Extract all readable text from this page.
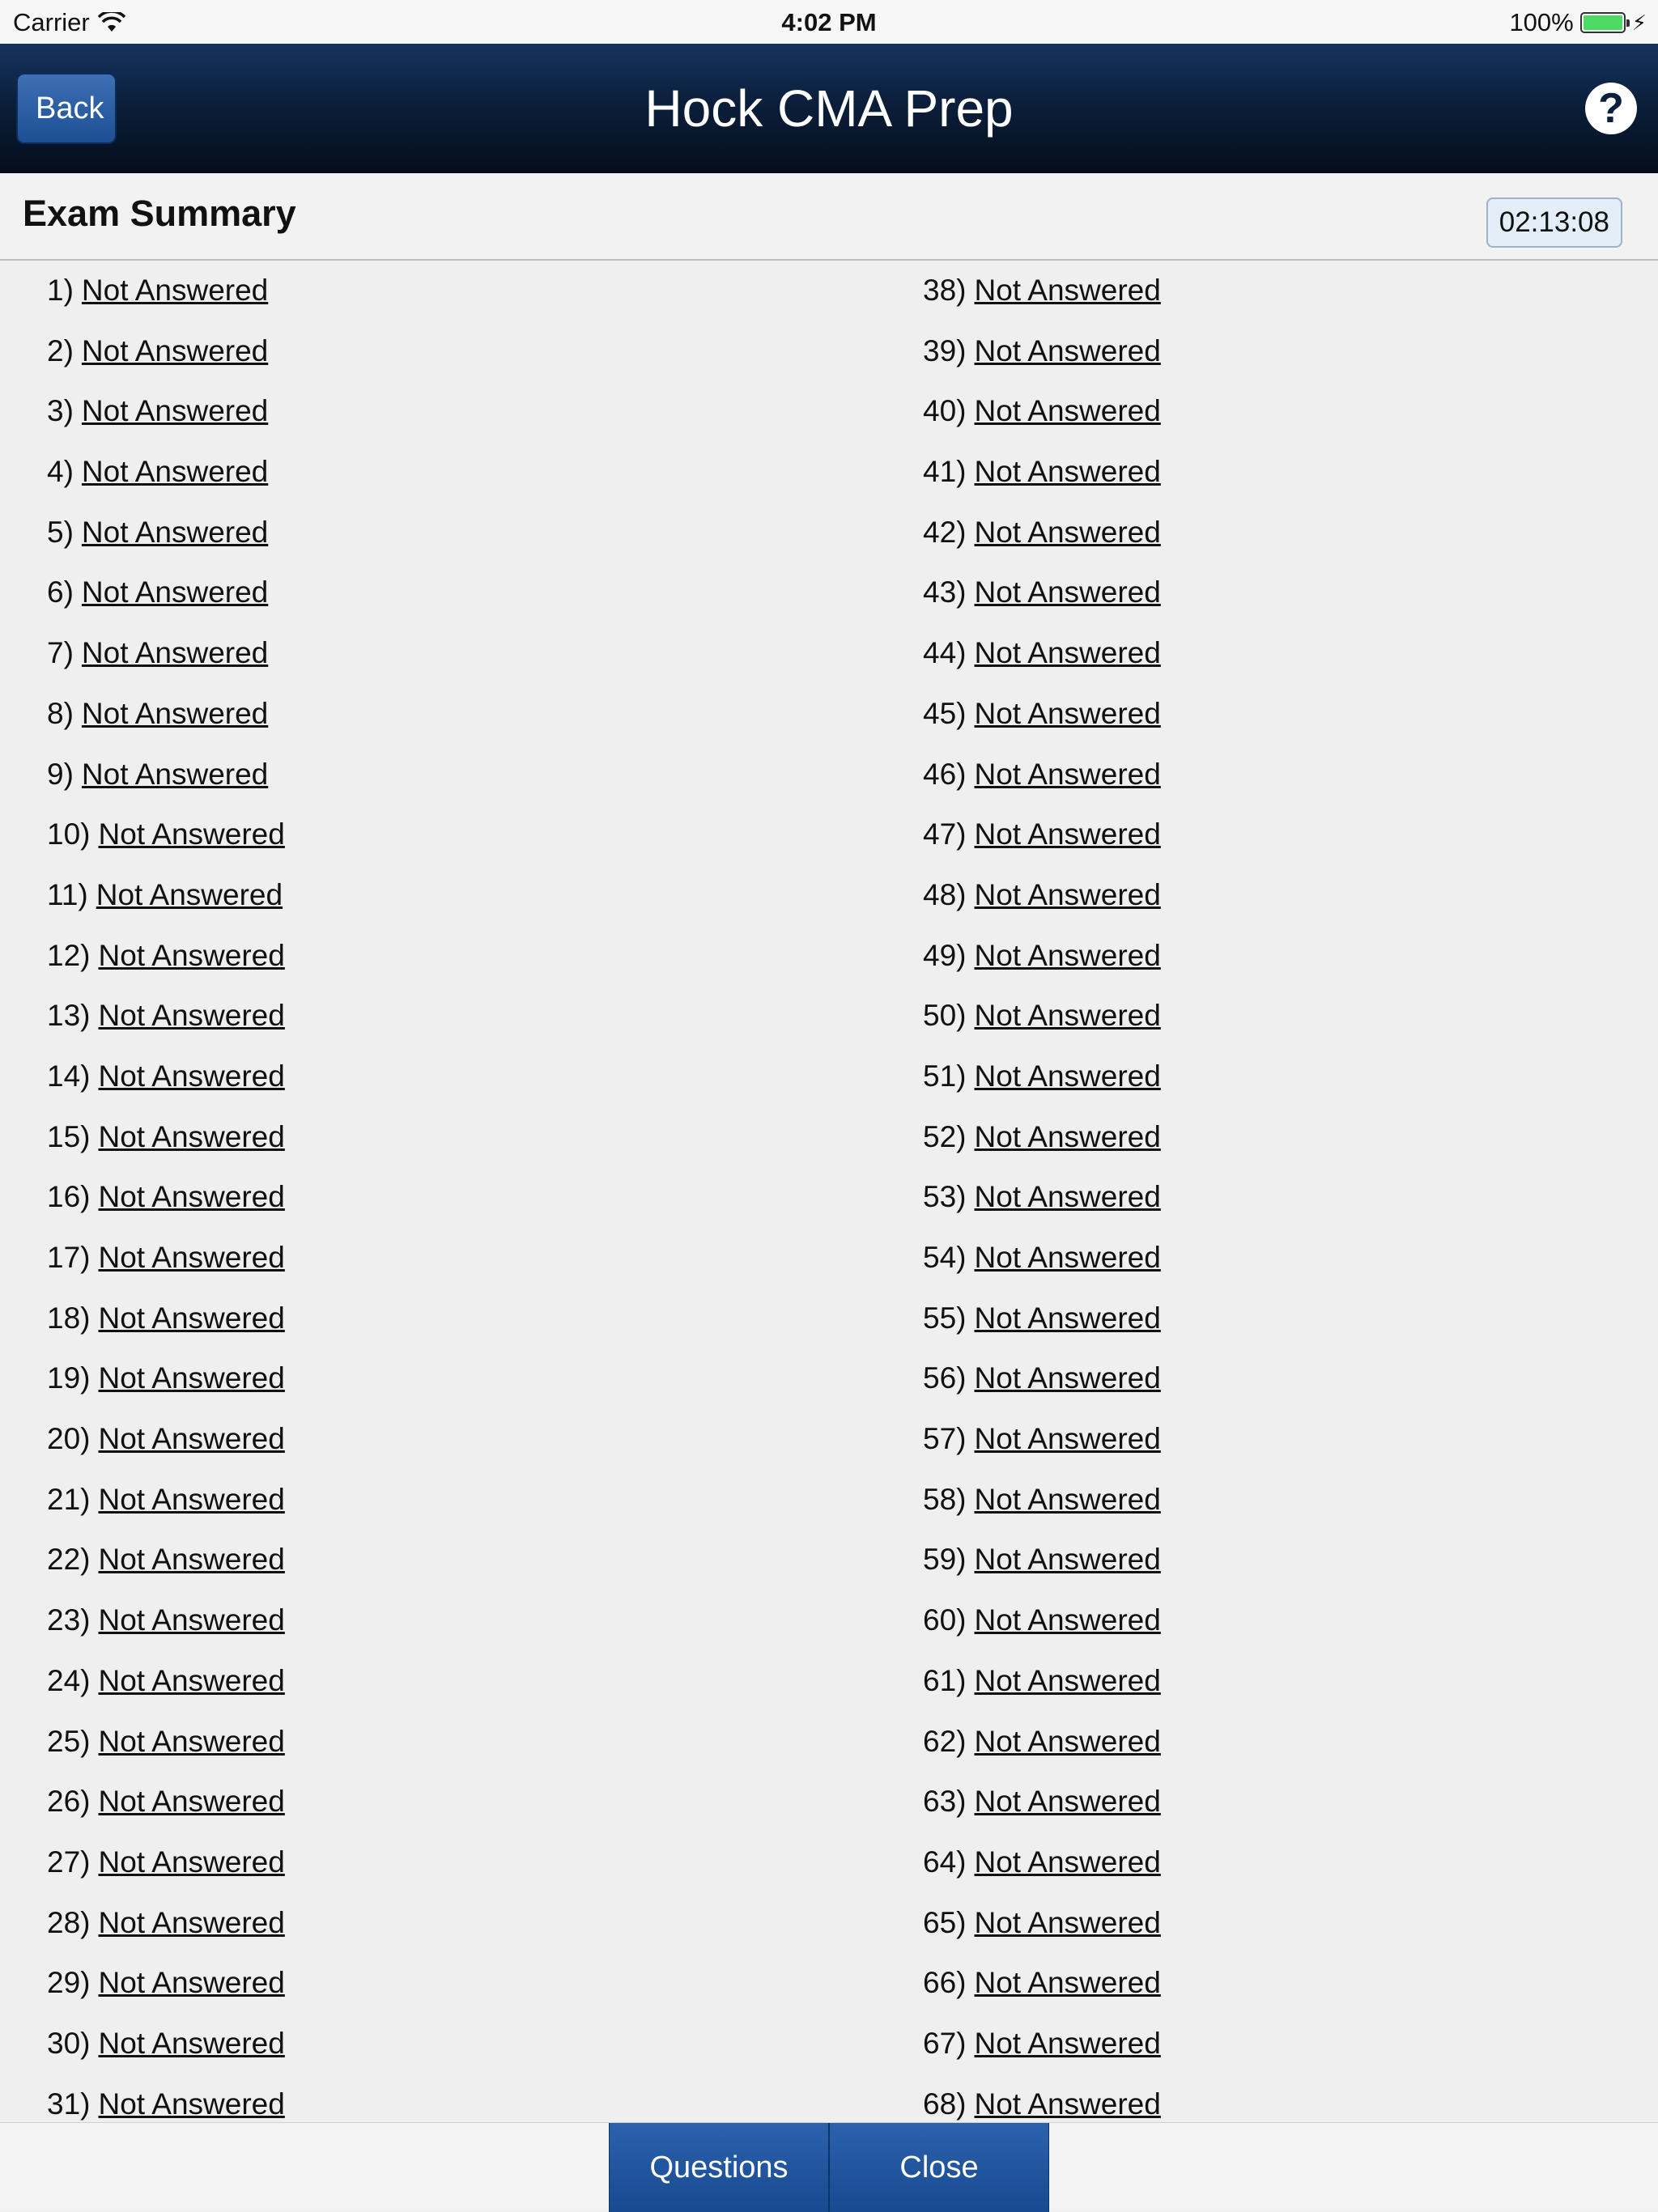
Carrier	4:02 PM	100%	⚡
Hock CMA Prep
Back	?
Exam Summary	02:13:08
1) Not Answered
2) Not Answered
3) Not Answered
4) Not Answered
5) Not Answered
6) Not Answered
7) Not Answered
8) Not Answered
9) Not Answered
10) Not Answered
11) Not Answered
12) Not Answered
13) Not Answered
14) Not Answered
15) Not Answered
16) Not Answered
17) Not Answered
18) Not Answered
19) Not Answered
20) Not Answered
21) Not Answered
22) Not Answered
23) Not Answered
24) Not Answered
25) Not Answered
26) Not Answered
27) Not Answered
28) Not Answered
29) Not Answered
30) Not Answered
31) Not Answered
38) Not Answered
39) Not Answered
40) Not Answered
41) Not Answered
42) Not Answered
43) Not Answered
44) Not Answered
45) Not Answered
46) Not Answered
47) Not Answered
48) Not Answered
49) Not Answered
50) Not Answered
51) Not Answered
52) Not Answered
53) Not Answered
54) Not Answered
55) Not Answered
56) Not Answered
57) Not Answered
58) Not Answered
59) Not Answered
60) Not Answered
61) Not Answered
62) Not Answered
63) Not Answered
64) Not Answered
65) Not Answered
66) Not Answered
67) Not Answered
68) Not Answered
Questions	Close
